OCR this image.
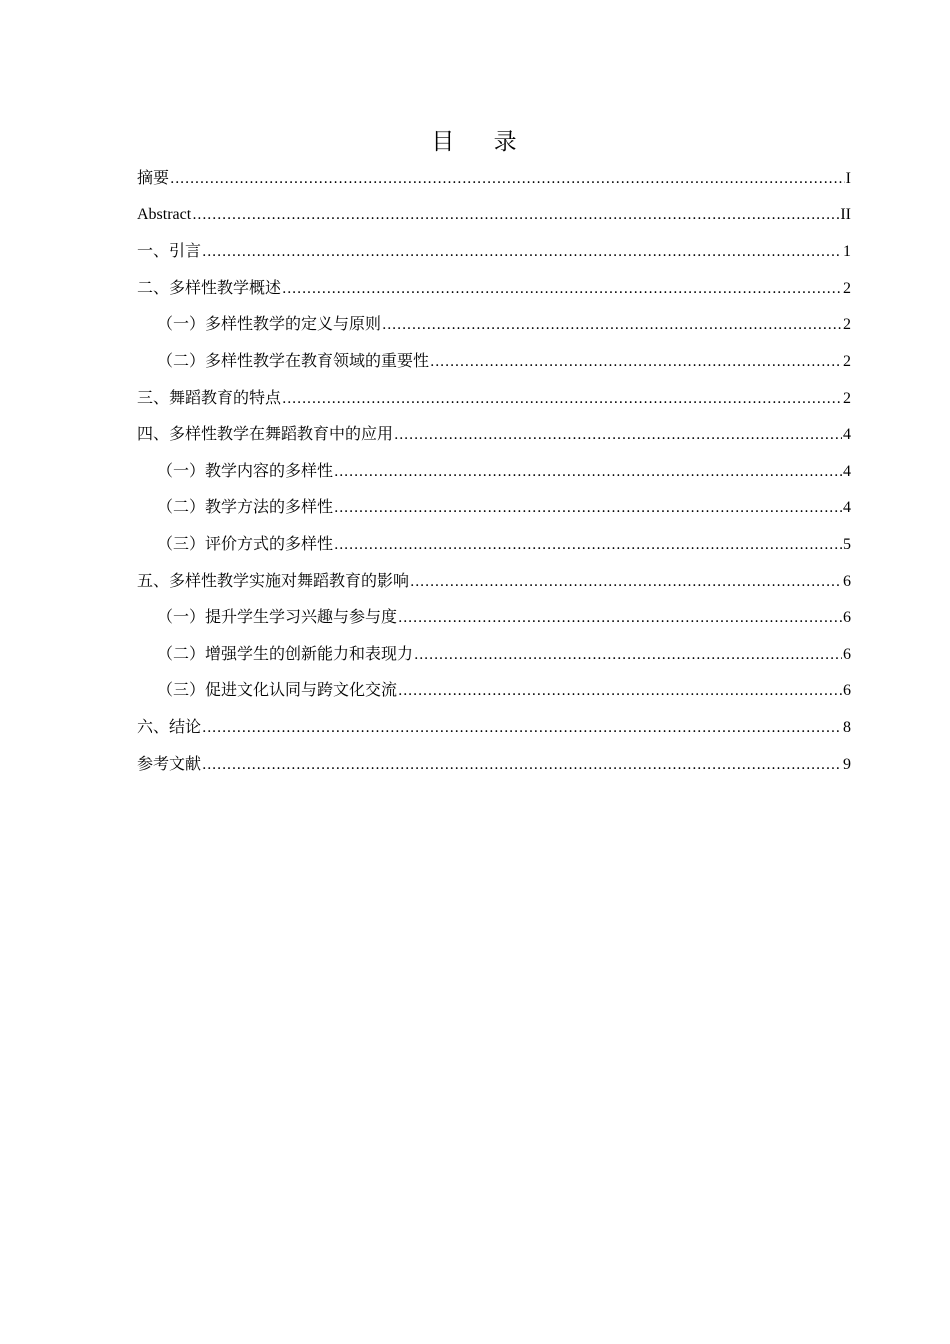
目 录
摘要 .....	I
Abstract .....	II
一、引言 .....	1
二、多样性教学概述 .....	2
（一）多样性教学的定义与原则 .....	2
（二）多样性教学在教育领域的重要性 .....	2
三、舞蹈教育的特点 .....	2
四、多样性教学在舞蹈教育中的应用 .....	4
（一）教学内容的多样性 .....	4
（二）教学方法的多样性 .....	4
（三）评价方式的多样性 .....	5
五、多样性教学实施对舞蹈教育的影响 .....	6
（一）提升学生学习兴趣与参与度 .....	6
（二）增强学生的创新能力和表现力 .....	6
（三）促进文化认同与跨文化交流 .....	6
六、结论 .....	8
参考文献 .....	9
